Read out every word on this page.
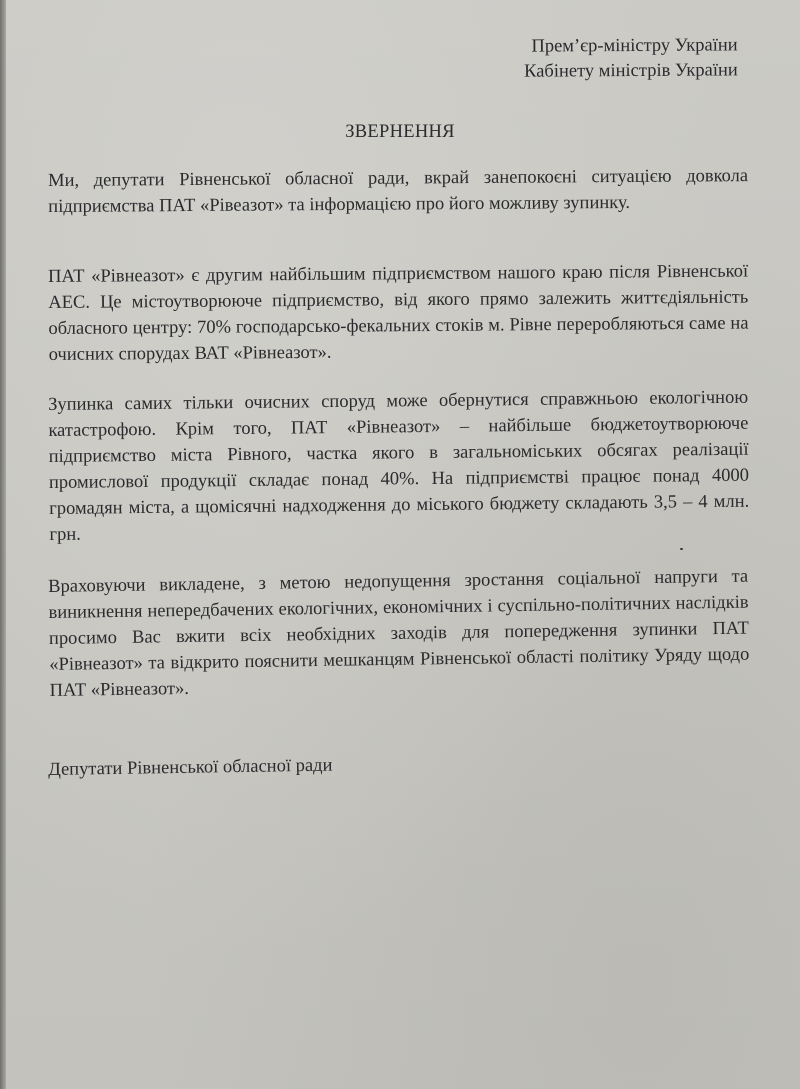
Прем’єр-міністру України
Кабінету міністрів України
ЗВЕРНЕННЯ

Ми, депутати Рівненської обласної ради, вкрай занепокоєні ситуацією довкола підприємства ПАТ «Рівеазот» та інформацією про його можливу зупинку.

ПАТ «Рівнеазот» є другим найбільшим підприємством нашого краю після Рівненської АЕС. Це містоутворююче підприємство, від якого прямо залежить життєдіяльність обласного центру: 70% господарсько-фекальних стоків м. Рівне переробляються саме на очисних спорудах ВАТ «Рівнеазот».

Зупинка самих тільки очисних споруд може обернутися справжньою екологічною катастрофою. Крім того, ПАТ «Рівнеазот» – найбільше бюджетоутворююче підприємство міста Рівного, частка якого в загальноміських обсягах реалізації промислової продукції складає понад 40%. На підприємстві працює понад 4000 громадян міста, а щомісячні надходження до міського бюджету складають 3,5 – 4 млн. грн.

Враховуючи викладене, з метою недопущення зростання соціальної напруги та виникнення непередбачених екологічних, економічних і суспільно-політичних наслідків просимо Вас вжити всіх необхідних заходів для попередження зупинки ПАТ «Рівнеазот» та відкрито пояснити мешканцям Рівненської області політику Уряду щодо ПАТ «Рівнеазот».

Депутати Рівненської обласної ради
